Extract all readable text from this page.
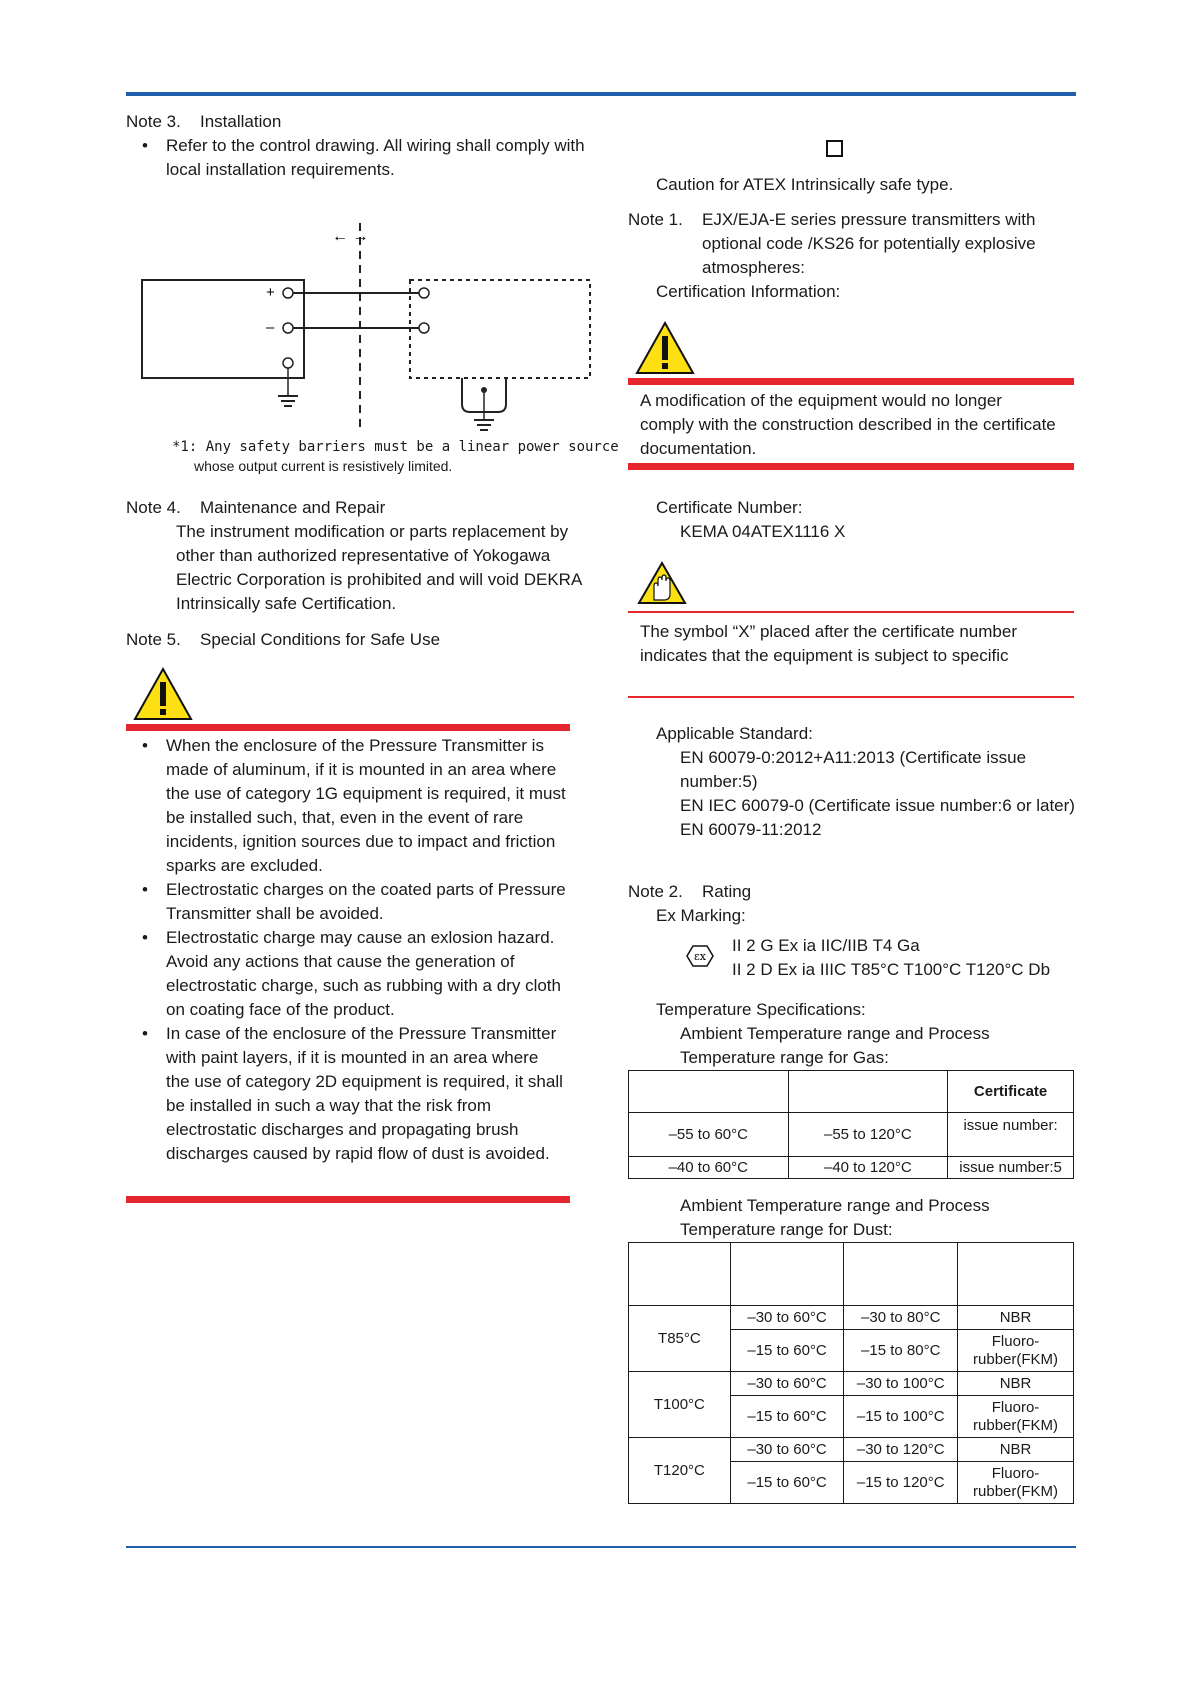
Note 3. Installation
• Refer to the control drawing. All wiring shall comply with local installation requirements.
← →
+
–
*1: Any safety barriers must be a linear power source
whose output current is resistively limited.
Note 4. Maintenance and Repair
The instrument modification or parts replacement by other than authorized representative of Yokogawa Electric Corporation is prohibited and will void DEKRA Intrinsically safe Certification.
Note 5. Special Conditions for Safe Use
• When the enclosure of the Pressure Transmitter is made of aluminum, if it is mounted in an area where the use of category 1G equipment is required, it must be installed such, that, even in the event of rare incidents, ignition sources due to impact and friction sparks are excluded.
• Electrostatic charges on the coated parts of Pressure Transmitter shall be avoided.
• Electrostatic charge may cause an exlosion hazard. Avoid any actions that cause the generation of electrostatic charge, such as rubbing with a dry cloth on coating face of the product.
• In case of the enclosure of the Pressure Transmitter with paint layers, if it is mounted in an area where the use of category 2D equipment is required, it shall be installed in such a way that the risk from electrostatic discharges and propagating brush discharges caused by rapid flow of dust is avoided.
Caution for ATEX Intrinsically safe type.
Note 1.	EJX/EJA-E series pressure transmitters with optional code /KS26 for potentially explosive atmospheres:
Certification Information:
A modification of the equipment would no longer comply with the construction described in the certificate documentation.
Certificate Number:
KEMA 04ATEX1116 X
The symbol “X” placed after the certificate number indicates that the equipment is subject to specific
Applicable Standard:
EN 60079-0:2012+A11:2013 (Certificate issue number:5)
EN IEC 60079-0 (Certificate issue number:6 or later)
EN 60079-11:2012
Note 2. Rating
Ex Marking:
εx
II 2 G Ex ia IIC/IIB T4 Ga
II 2 D Ex ia IIIC T85°C T100°C T120°C Db
Temperature Specifications:
Ambient Temperature range and Process
Temperature range for Gas:
		Certificate
–55 to 60°C	–55 to 120°C	issue number:
–40 to 60°C	–40 to 120°C	issue number:5
Ambient Temperature range and Process
Temperature range for Dust:

T85°C	–30 to 60°C	–30 to 80°C	NBR
	–15 to 60°C	–15 to 80°C	Fluoro-rubber(FKM)
T100°C	–30 to 60°C	–30 to 100°C	NBR
	–15 to 60°C	–15 to 100°C	Fluoro-rubber(FKM)
T120°C	–30 to 60°C	–30 to 120°C	NBR
	–15 to 60°C	–15 to 120°C	Fluoro-rubber(FKM)
